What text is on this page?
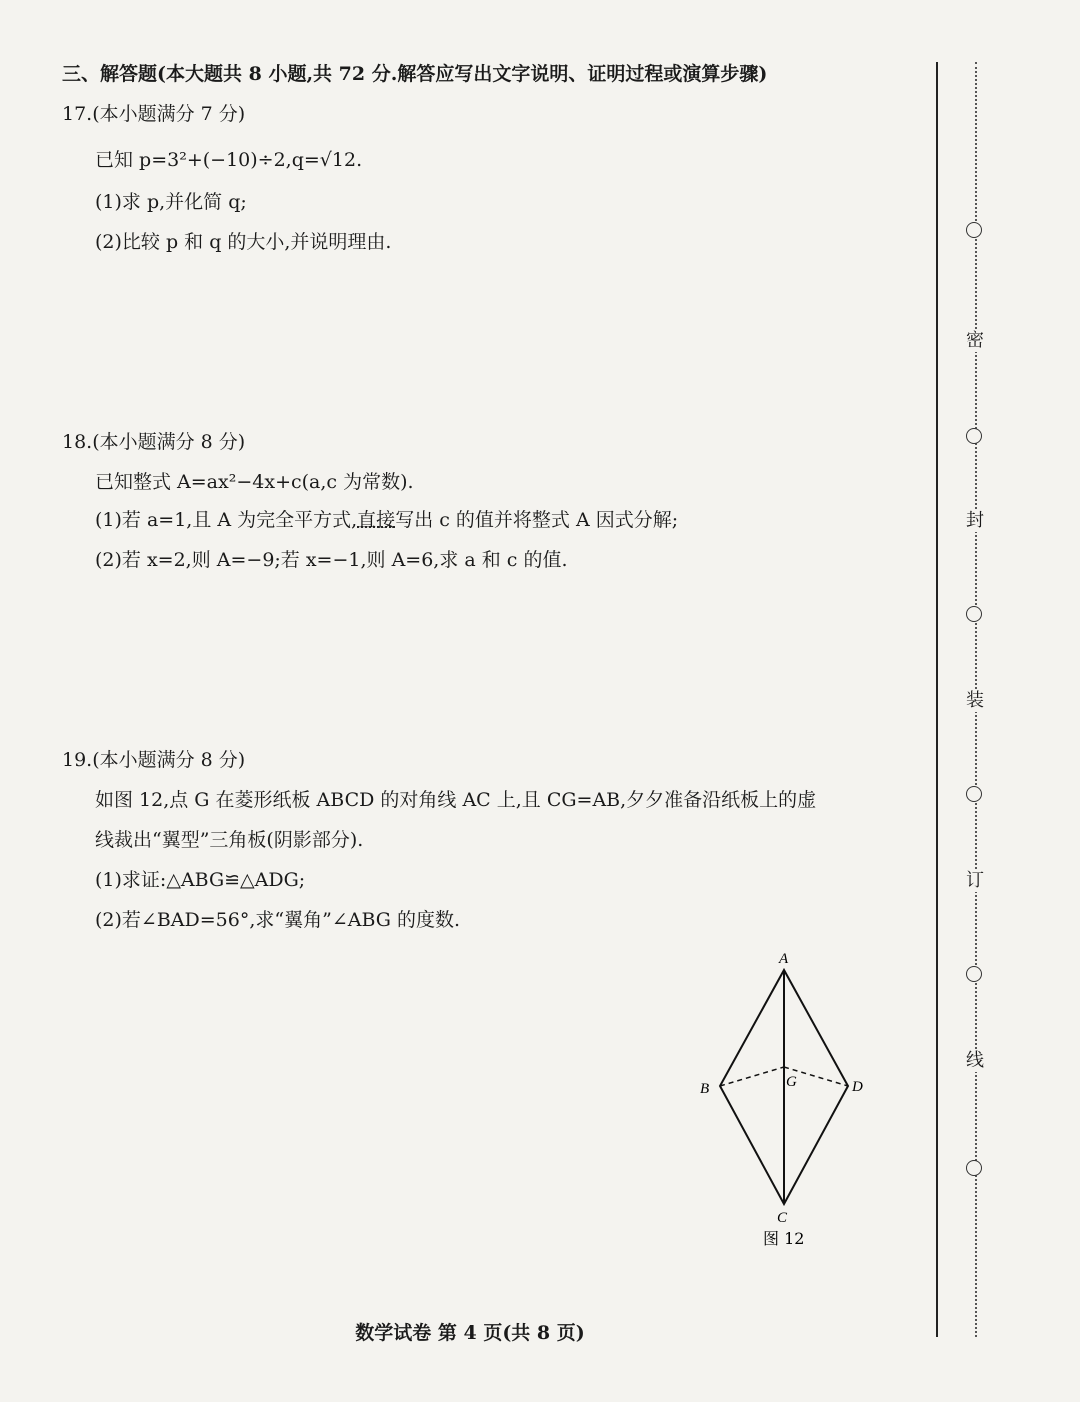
三、解答题(本大题共 8 小题,共 72 分.解答应写出文字说明、证明过程或演算步骤)
17.(本小题满分 7 分)
已知 p=3²+(−10)÷2,q=√12.
(1)求 p,并化简 q;
(2)比较 p 和 q 的大小,并说明理由.
18.(本小题满分 8 分)
已知整式 A=ax²−4x+c(a,c 为常数).
(1)若 a=1,且 A 为完全平方式,直接写出 c 的值并将整式 A 因式分解;
(2)若 x=2,则 A=−9;若 x=−1,则 A=6,求 a 和 c 的值.
19.(本小题满分 8 分)
如图 12,点 G 在菱形纸板 ABCD 的对角线 AC 上,且 CG=AB,夕夕准备沿纸板上的虚
线裁出“翼型”三角板(阴影部分).
(1)求证:△ABG≌△ADG;
(2)若∠BAD=56°,求“翼角”∠ABG 的度数.
A
B	G	D
C
图 12
密
封
装
订
线
数学试卷 第 4 页(共 8 页)
